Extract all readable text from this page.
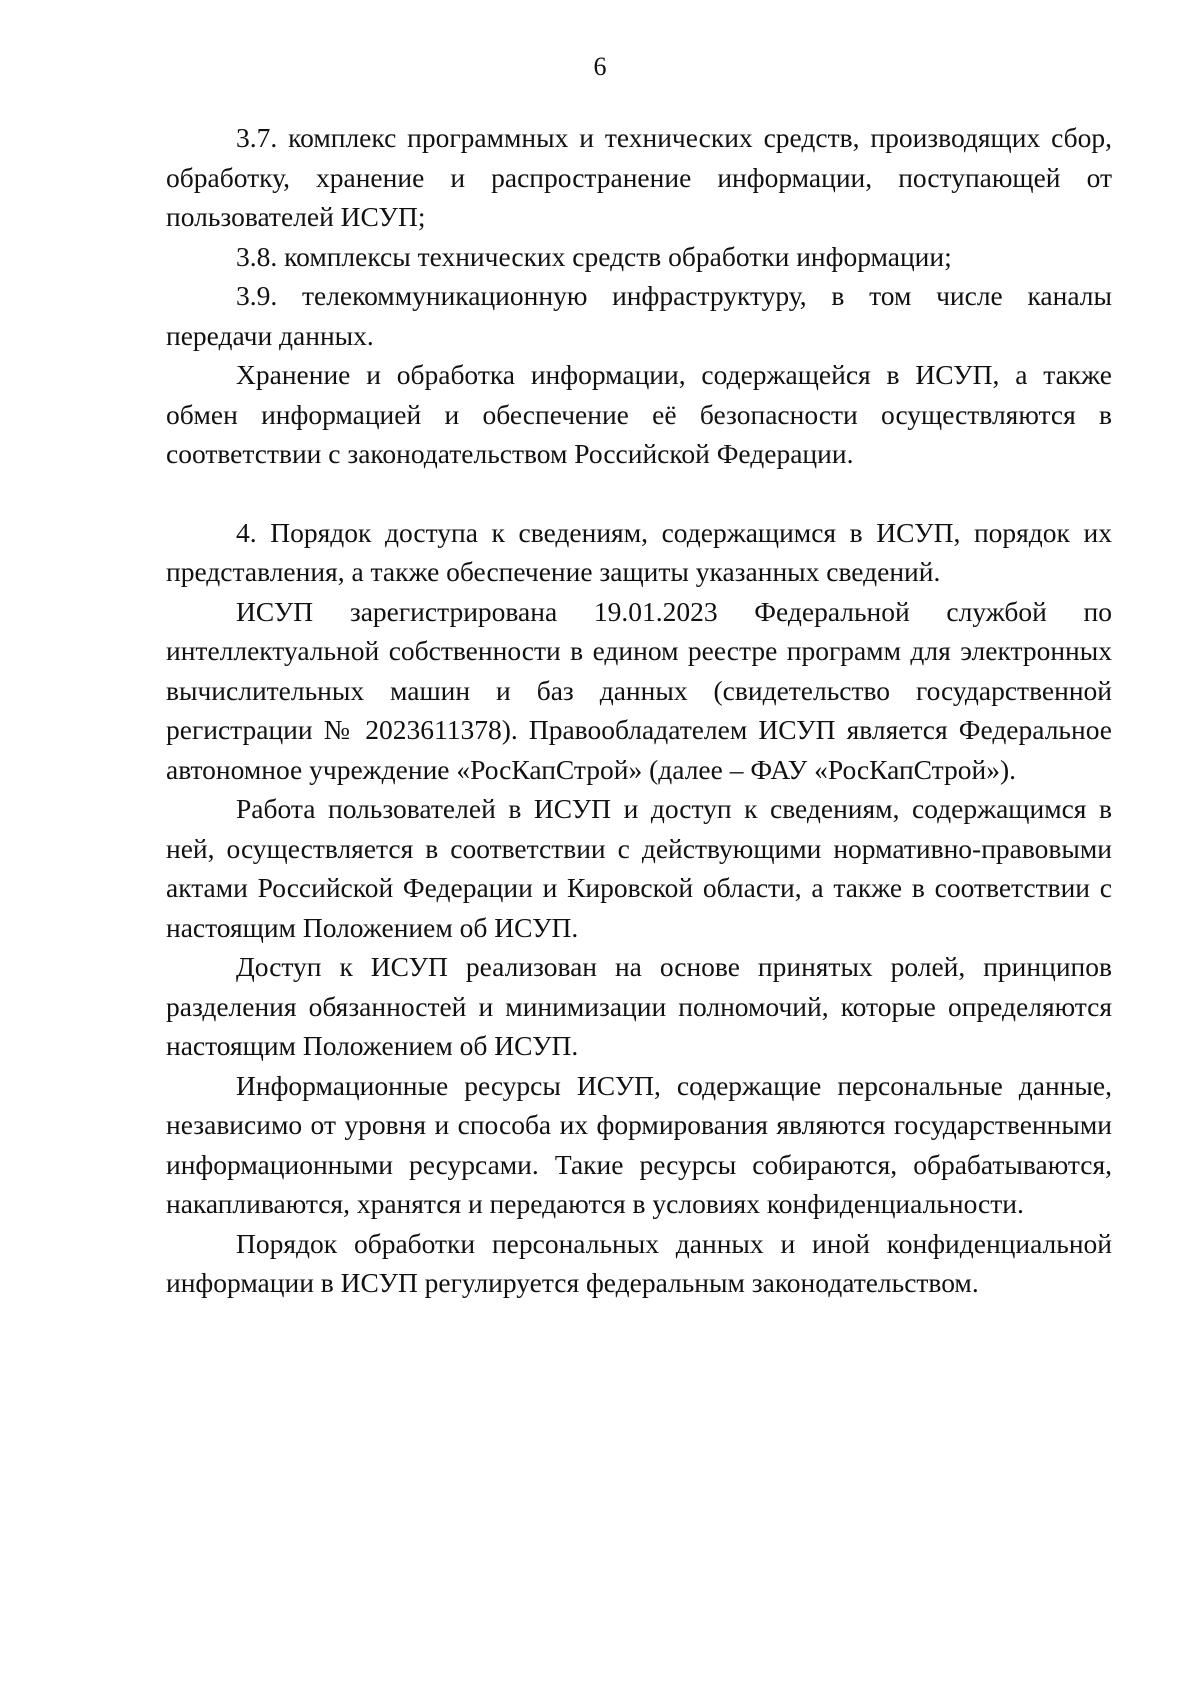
6

3.7. комплекс программных и технических средств, производящих сбор, обработку, хранение и распространение информации, поступающей от пользователей ИСУП;

3.8. комплексы технических средств обработки информации;

3.9. телекоммуникационную инфраструктуру, в том числе каналы передачи данных.

Хранение и обработка информации, содержащейся в ИСУП, а также обмен информацией и обеспечение её безопасности осуществляются в соответствии с законодательством Российской Федерации.

4. Порядок доступа к сведениям, содержащимся в ИСУП, порядок их представления, а также обеспечение защиты указанных сведений.

ИСУП зарегистрирована 19.01.2023 Федеральной службой по интеллектуальной собственности в едином реестре программ для электронных вычислительных машин и баз данных (свидетельство государственной регистрации № 2023611378). Правообладателем ИСУП является Федеральное автономное учреждение «РосКапСтрой» (далее – ФАУ «РосКапСтрой»).

Работа пользователей в ИСУП и доступ к сведениям, содержащимся в ней, осуществляется в соответствии с действующими нормативно-правовыми актами Российской Федерации и Кировской области, а также в соответствии с настоящим Положением об ИСУП.

Доступ к ИСУП реализован на основе принятых ролей, принципов разделения обязанностей и минимизации полномочий, которые определяются настоящим Положением об ИСУП.

Информационные ресурсы ИСУП, содержащие персональные данные, независимо от уровня и способа их формирования являются государственными информационными ресурсами. Такие ресурсы собираются, обрабатываются, накапливаются, хранятся и передаются в условиях конфиденциальности.

Порядок обработки персональных данных и иной конфиденциальной информации в ИСУП регулируется федеральным законодательством.
